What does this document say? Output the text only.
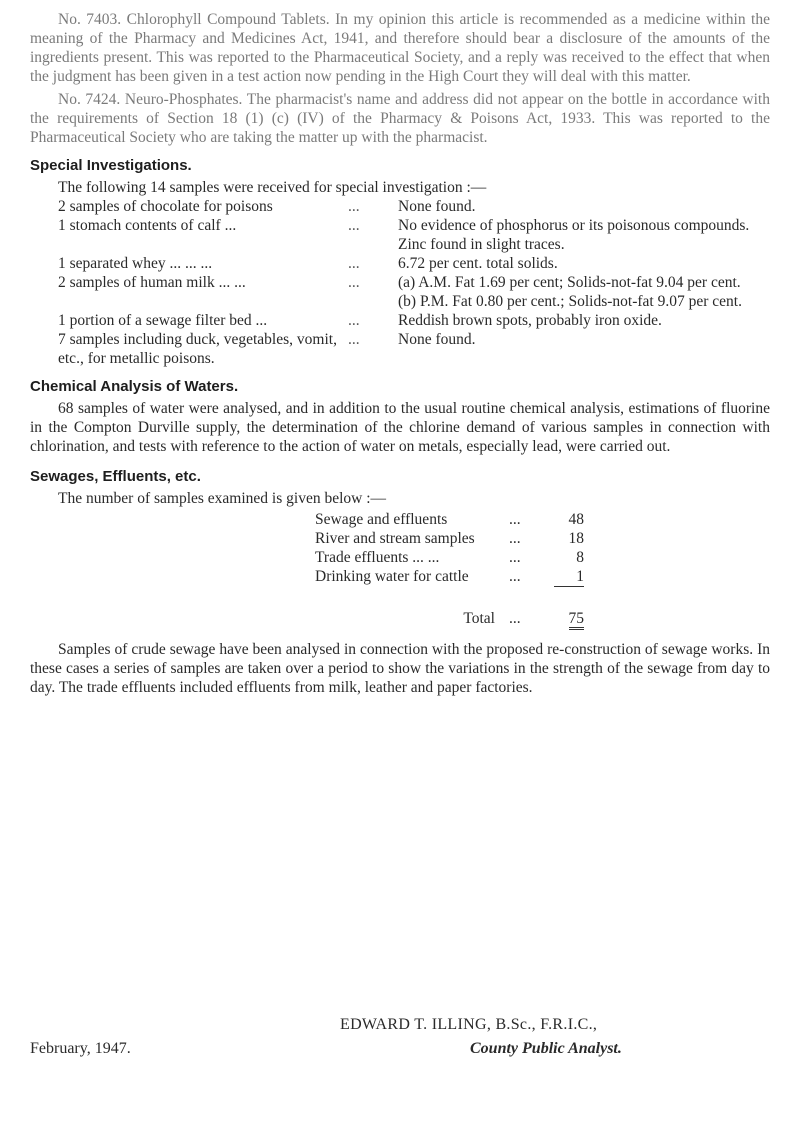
No. 7403. Chlorophyll Compound Tablets. In my opinion this article is recommended as a medicine within the meaning of the Pharmacy and Medicines Act, 1941, and therefore should bear a disclosure of the amounts of the ingredients present. This was reported to the Pharmaceutical Society, and a reply was received to the effect that when the judgment has been given in a test action now pending in the High Court they will deal with this matter.

No. 7424. Neuro-Phosphates. The pharmacist's name and address did not appear on the bottle in accordance with the requirements of Section 18 (1) (c) (IV) of the Pharmacy & Poisons Act, 1933. This was reported to the Pharmaceutical Society who are taking the matter up with the pharmacist.

Special Investigations.

The following 14 samples were received for special investigation :—

2 samples of chocolate for poisons	...	None found.
1 stomach contents of calf ...	...	No evidence of phosphorus or its poisonous compounds. Zinc found in slight traces.
1 separated whey ... ... ...	...	6.72 per cent. total solids.
2 samples of human milk ... ...	...	(a) A.M. Fat 1.69 per cent; Solids-not-fat 9.04 per cent.
(b) P.M. Fat 0.80 per cent.; Solids-not-fat 9.07 per cent.
1 portion of a sewage filter bed ...	...	Reddish brown spots, probably iron oxide.
7 samples including duck, vegetables, vomit, etc., for metallic poisons.	...	None found.
Chemical Analysis of Waters.

68 samples of water were analysed, and in addition to the usual routine chemical analysis, estimations of fluorine in the Compton Durville supply, the determination of the chlorine demand of various samples in connection with chlorination, and tests with reference to the action of water on metals, especially lead, were carried out.

Sewages, Effluents, etc.

The number of samples examined is given below :—

Sewage and effluents	...	48
River and stream samples	...	18
Trade effluents ... ...	...	8
Drinking water for cattle	...	1
Total	...	75

Samples of crude sewage have been analysed in connection with the proposed re-construction of sewage works. In these cases a series of samples are taken over a period to show the variations in the strength of the sewage from day to day. The trade effluents included effluents from milk, leather and paper factories.

EDWARD T. ILLING, B.Sc., F.R.I.C.,
February, 1947.	County Public Analyst.
